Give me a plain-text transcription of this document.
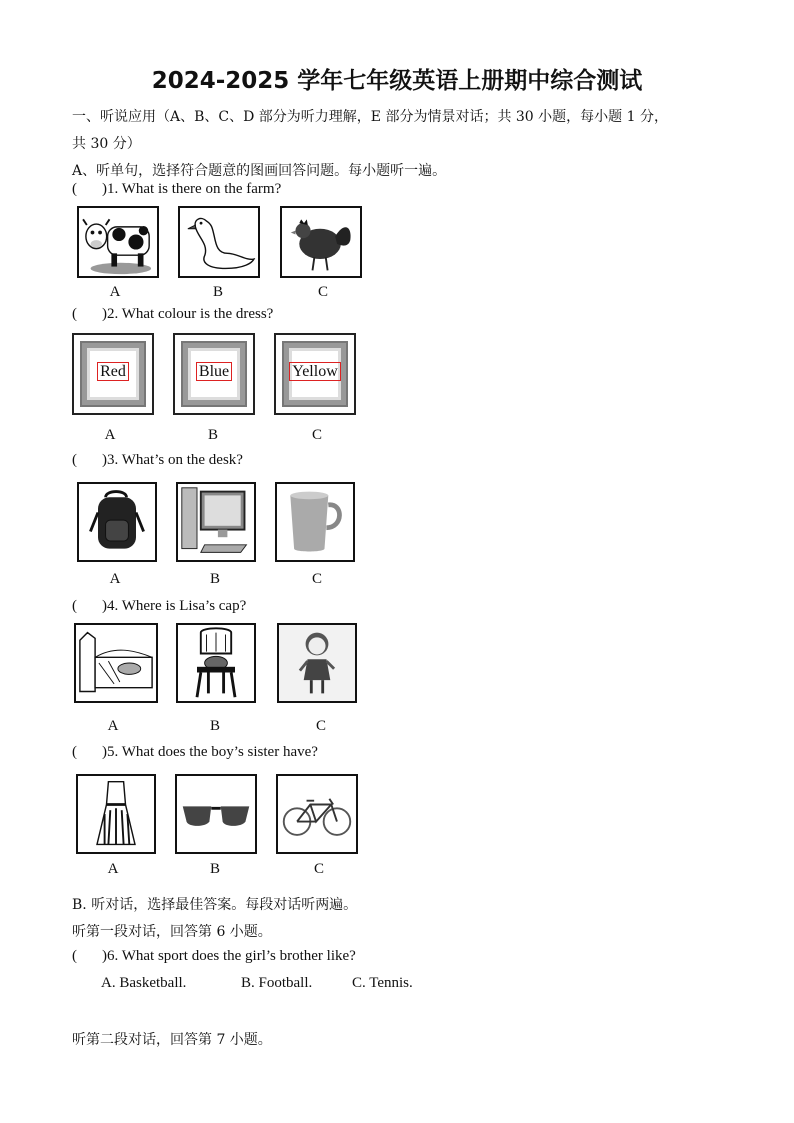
2024-2025 学年七年级英语上册期中综合测试
一、听说应用（A、B、C、D 部分为听力理解，E 部分为情景对话；共 30 小题，每小题 1 分，
共 30 分）
A、听单句，选择符合题意的图画回答问题。每小题听一遍。
( )1. What is there on the farm?
A	B	C
( )2. What colour is the dress?
Red	Blue	Yellow
A	B	C
( )3. What’s on the desk?
A	B	C
( )4. Where is Lisa’s cap?
A	B	C
( )5. What does the boy’s sister have?
A	B	C
B. 听对话，选择最佳答案。每段对话听两遍。
听第一段对话，回答第 6 小题。
( )6. What sport does the girl’s brother like?
A. Basketball.	B. Football.	C. Tennis.
听第二段对话，回答第 7 小题。
